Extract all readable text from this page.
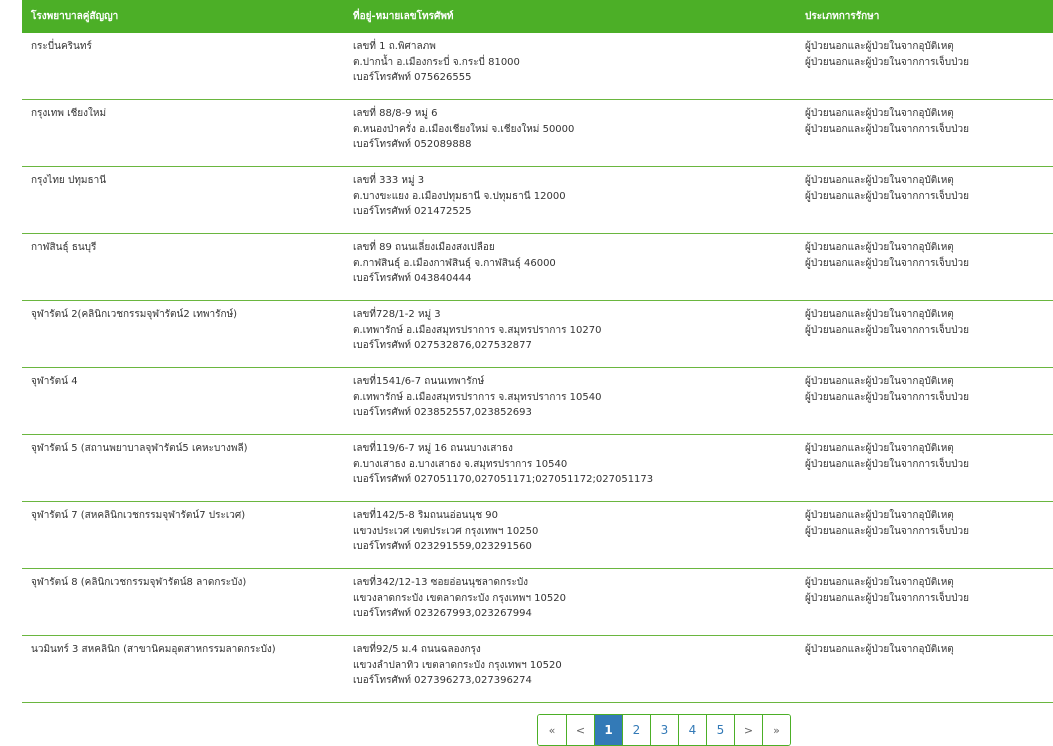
โรงพยาบาลคู่สัญญา	ที่อยู่-หมายเลขโทรศัพท์	ประเภทการรักษา

กระบี่นครินทร์	เลขที่ 1 ถ.พิศาลภพ
ต.ปากน้ำ อ.เมืองกระบี่ จ.กระบี่ 81000
เบอร์โทรศัพท์ 075626555	ผู้ป่วยนอกและผู้ป่วยในจากอุบัติเหตุ
ผู้ป่วยนอกและผู้ป่วยในจากการเจ็บป่วย

กรุงเทพ เชียงใหม่	เลขที่ 88/8-9 หมู่ 6
ต.หนองป่าครั่ง อ.เมืองเชียงใหม่ จ.เชียงใหม่ 50000
เบอร์โทรศัพท์ 052089888	ผู้ป่วยนอกและผู้ป่วยในจากอุบัติเหตุ
ผู้ป่วยนอกและผู้ป่วยในจากการเจ็บป่วย

กรุงไทย ปทุมธานี	เลขที่ 333 หมู่ 3
ต.บางขะแยง อ.เมืองปทุมธานี จ.ปทุมธานี 12000
เบอร์โทรศัพท์ 021472525	ผู้ป่วยนอกและผู้ป่วยในจากอุบัติเหตุ
ผู้ป่วยนอกและผู้ป่วยในจากการเจ็บป่วย

กาฬสินธุ์ ธนบุรี	เลขที่ 89 ถนนเลี่ยงเมืองสงเปลือย
ต.กาฬสินธุ์ อ.เมืองกาฬสินธุ์ จ.กาฬสินธุ์ 46000
เบอร์โทรศัพท์ 043840444	ผู้ป่วยนอกและผู้ป่วยในจากอุบัติเหตุ
ผู้ป่วยนอกและผู้ป่วยในจากการเจ็บป่วย

จุฬารัตน์ 2(คลินิกเวชกรรมจุฬารัตน์2 เทพารักษ์)	เลขที่728/1-2 หมู่ 3
ต.เทพารักษ์ อ.เมืองสมุทรปราการ จ.สมุทรปราการ 10270
เบอร์โทรศัพท์ 027532876,027532877	ผู้ป่วยนอกและผู้ป่วยในจากอุบัติเหตุ
ผู้ป่วยนอกและผู้ป่วยในจากการเจ็บป่วย

จุฬารัตน์ 4	เลขที่1541/6-7 ถนนเทพารักษ์
ต.เทพารักษ์ อ.เมืองสมุทรปราการ จ.สมุทรปราการ 10540
เบอร์โทรศัพท์ 023852557,023852693	ผู้ป่วยนอกและผู้ป่วยในจากอุบัติเหตุ
ผู้ป่วยนอกและผู้ป่วยในจากการเจ็บป่วย

จุฬารัตน์ 5 (สถานพยาบาลจุฬารัตน์5 เคหะบางพลี)	เลขที่119/6-7 หมู่ 16 ถนนบางเสาธง
ต.บางเสาธง อ.บางเสาธง จ.สมุทรปราการ 10540
เบอร์โทรศัพท์ 027051170,027051171;027051172;027051173	ผู้ป่วยนอกและผู้ป่วยในจากอุบัติเหตุ
ผู้ป่วยนอกและผู้ป่วยในจากการเจ็บป่วย

จุฬารัตน์ 7 (สหคลินิกเวชกรรมจุฬารัตน์7 ประเวศ)	เลขที่142/5-8 ริมถนนอ่อนนุช 90
แขวงประเวศ เขตประเวศ กรุงเทพฯ 10250
เบอร์โทรศัพท์ 023291559,023291560	ผู้ป่วยนอกและผู้ป่วยในจากอุบัติเหตุ
ผู้ป่วยนอกและผู้ป่วยในจากการเจ็บป่วย

จุฬารัตน์ 8 (คลินิกเวชกรรมจุฬารัตน์8 ลาดกระบัง)	เลขที่342/12-13 ซอยอ่อนนุชลาดกระบัง
แขวงลาดกระบัง เขตลาดกระบัง กรุงเทพฯ 10520
เบอร์โทรศัพท์ 023267993,023267994	ผู้ป่วยนอกและผู้ป่วยในจากอุบัติเหตุ
ผู้ป่วยนอกและผู้ป่วยในจากการเจ็บป่วย

นวมินทร์ 3 สหคลินิก (สาขานิคมอุตสาหกรรมลาดกระบัง)	เลขที่92/5 ม.4 ถนนฉลองกรุง
แขวงลำปลาทิว เขตลาดกระบัง กรุงเทพฯ 10520
เบอร์โทรศัพท์ 027396273,027396274	ผู้ป่วยนอกและผู้ป่วยในจากอุบัติเหตุ
«	<	1	2	3	4	5	>	»
